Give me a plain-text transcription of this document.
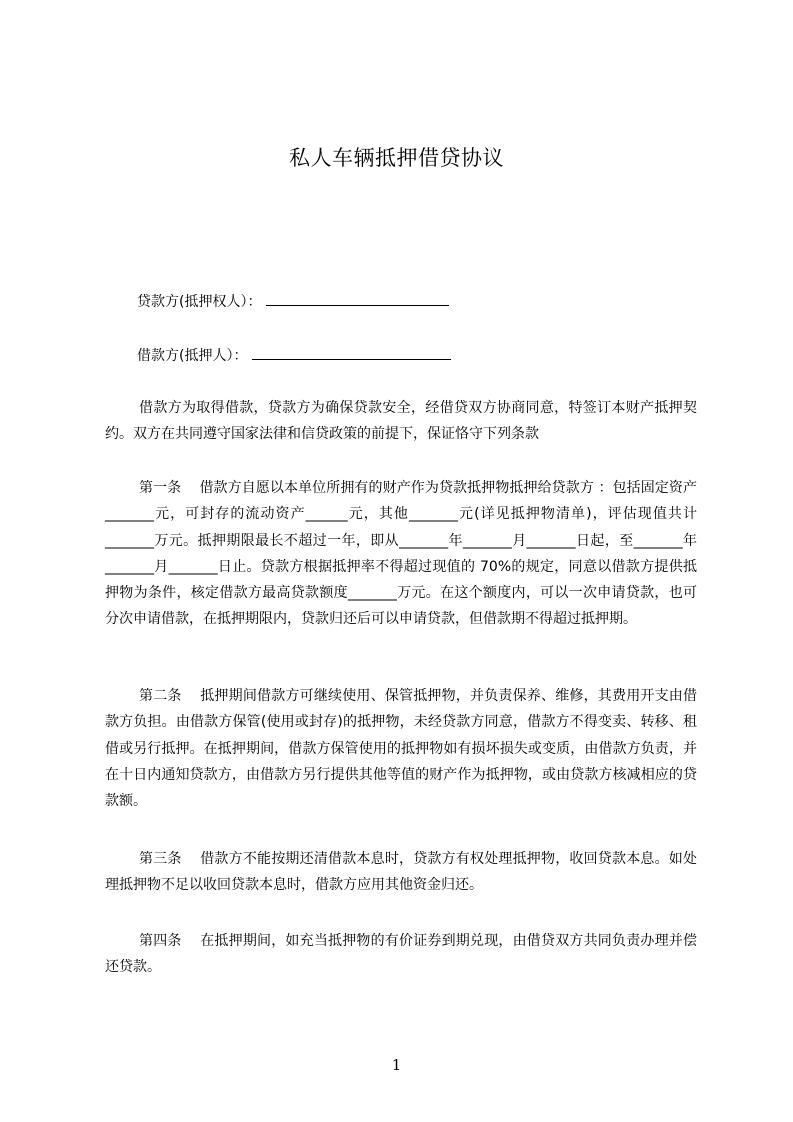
私人车辆抵押借贷协议
贷款方(抵押权人）：
借款方(抵押人）：

借款方为取得借款，贷款方为确保贷款安全，经借贷双方协商同意，特签订本财产抵押契约。双方在共同遵守国家法律和信贷政策的前提下，保证恪守下列条款

第一条 借款方自愿以本单位所拥有的财产作为贷款抵押物抵押给贷款方 ：包括固定资产_______元，可封存的流动资产______元，其他_______元(详见抵押物清单)，评估现值共计_______万元。抵押期限最长不超过一年，即从_______年_______月_______日起，至_______年_______月_______日止。贷款方根据抵押率不得超过现值的 70%的规定，同意以借款方提供抵押物为条件，核定借款方最高贷款额度_______万元。在这个额度内，可以一次申请贷款，也可分次申请借款，在抵押期限内，贷款归还后可以申请贷款，但借款期不得超过抵押期。

第二条 抵押期间借款方可继续使用、保管抵押物，并负责保养、维修，其费用开支由借款方负担。由借款方保管(使用或封存)的抵押物，未经贷款方同意，借款方不得变卖、转移、租借或另行抵押。在抵押期间，借款方保管使用的抵押物如有损坏损失或变质，由借款方负责，并在十日内通知贷款方，由借款方另行提供其他等值的财产作为抵押物，或由贷款方核减相应的贷款额。

第三条 借款方不能按期还清借款本息时，贷款方有权处理抵押物，收回贷款本息。如处理抵押物不足以收回贷款本息时，借款方应用其他资金归还。

第四条 在抵押期间，如充当抵押物的有价证券到期兑现，由借贷双方共同负责办理并偿还贷款。

1
